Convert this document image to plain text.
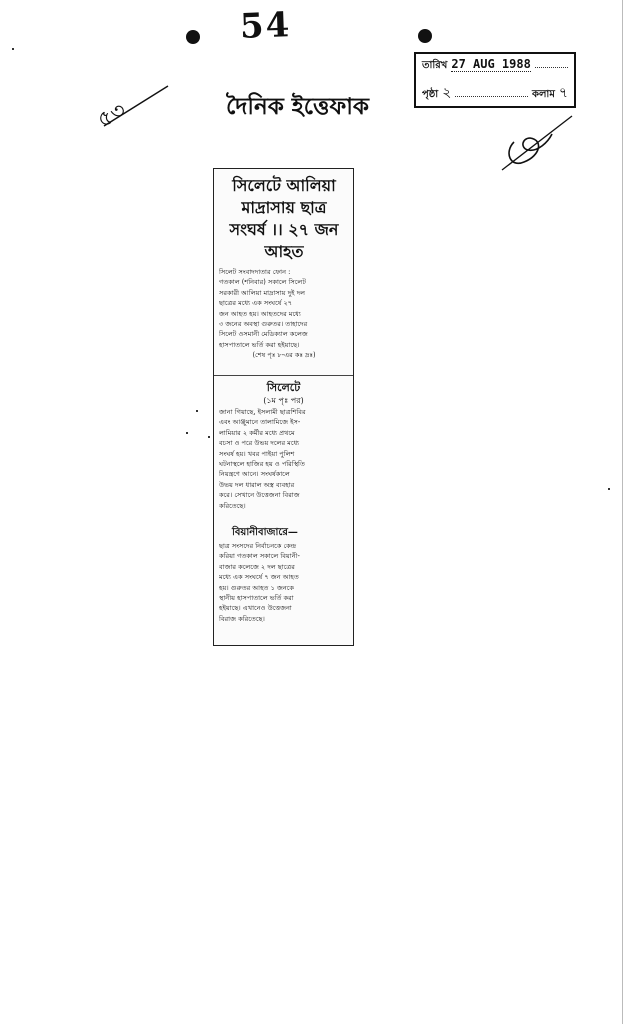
54
৫৩	দৈনিক ইত্তেফাক
তারিখ 27 AUG 1988
পৃষ্ঠা ২	কলাম ৭
সিলেটে আলিয়া
মাদ্রাসায় ছাত্র
সংঘর্ষ ।। ২৭ জন
আহত

সিলেট সংবাদদাতার ফোন :

গতকাল (শনিবার) সকালে সিলেট

সরকারী আলিয়া মাদ্রাসায় দুই দল

ছাত্রের মধ্যে এক সংঘর্ষে ২৭

জন আহত হয়। আহতদের মধ্যে

৩ জনের অবস্থা গুরুতর। তাহাদের

সিলেট ওসমানী মেডিক্যাল কলেজ

হাসপাতালে ভর্তি করা হইয়াছে।

(শেষ পৃঃ ৮-এর কঃ দ্রঃ)

সিলেটে
(১ম পৃঃ পর)

জানা গিয়াছে, ইসলামী ছাত্রশিবির

এবং আঞ্জুমানে তালামিজে ইস-

লামিয়ার ২ কর্মীর মধ্যে প্রথমে

বচসা ও পরে উভয় দলের মধ্যে

সংঘর্ষ হয়। খবর পাইয়া পুলিশ

ঘটনাস্থলে হাজির হয় ও পরিস্থিতি

নিয়ন্ত্রণে আনে। সংঘর্ষকালে

উভয় দল ধারাল অস্ত্র ব্যবহার

করে। সেখানে উত্তেজনা বিরাজ

করিতেছে।

বিয়ানীবাজারে—

ছাত্র সংসদের নির্বাচনকে কেন্দ্র

করিয়া গতকাল সকালে বিয়ানী-

বাজার কলেজে ২ দল ছাত্রের

মধ্যে এক সংঘর্ষে ৭ জন আহত

হয়। গুরুতর আহত ১ জনকে

স্থানীয় হাসপাতালে ভর্তি করা

হইয়াছে। এখানেও উত্তেজনা

বিরাজ করিতেছে।
